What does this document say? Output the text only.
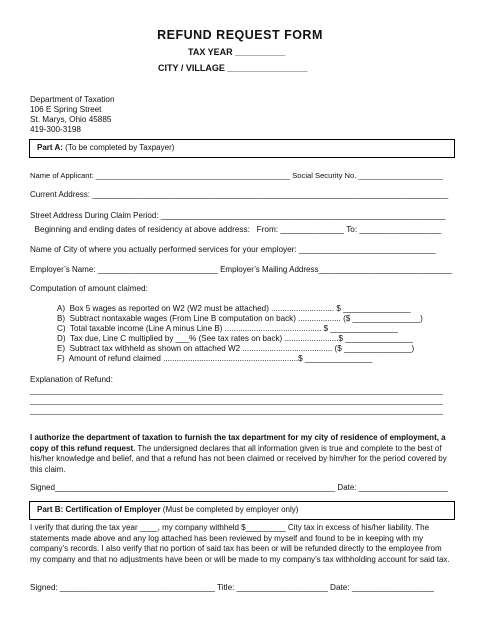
REFUND REQUEST FORM
TAX YEAR __________
CITY / VILLAGE ________________
Department of Taxation
106 E Spring Street
St. Marys, Ohio 45885
419-300-3198
Part A: (To be completed by Taxpayer)
Name of Applicant: ______________________________________________ Social Security No. ____________________
Current Address: ________________________________________________________________________________
Street Address During Claim Period: ________________________________________________________________
Beginning and ending dates of residency at above address:   From: ______________ To: __________________
Name of City of where you actually performed services for your employer: ______________________________
Employer’s Name: ___________________________ Employer’s Mailing Address______________________________
Computation of amount claimed:
A)  Box 5 wages as reported on W2 (W2 must be attached) ............................ $ _______________
B)  Subtract nontaxable wages (From Line B computation on back) ................... ($ _______________)
C)  Total taxable income (Line A minus Line B) ........................................... $ _______________
D)  Tax due, Line C multiplied by ___% (See tax rates on back) ........................$ _______________
E)  Subtract tax withheld as shown on attached W2 ........................................ ($ _______________)
F)  Amount of refund claimed ............................................................$ _______________
Explanation of Refund:
___________________________________________________________________________________________________
___________________________________________________________________________________________________
___________________________________________________________________________________________________
I authorize the department of taxation to furnish the tax department for my city of residence of employment, a copy of this refund request. The undersigned declares that all information given is true and complete to the best of his/her knowledge and belief, and that a refund has not been claimed or received by him/her for the period covered by this claim.
Signed_______________________________________________________________ Date: ____________________
Part B: Certification of Employer (Must be completed by employer only)
I verify that during the tax year ____, my company withheld $_________ City tax in excess of his/her liability. The statements made above and any log attached has been reviewed by myself and found to be in keeping with my company’s records. I also verify that no portion of said tax has been or will be refunded directly to the employee from my company and that no adjustments have been or will be made to my company’s tax withholding account for said tax.
Signed: __________________________________ Title: ____________________ Date: __________________
